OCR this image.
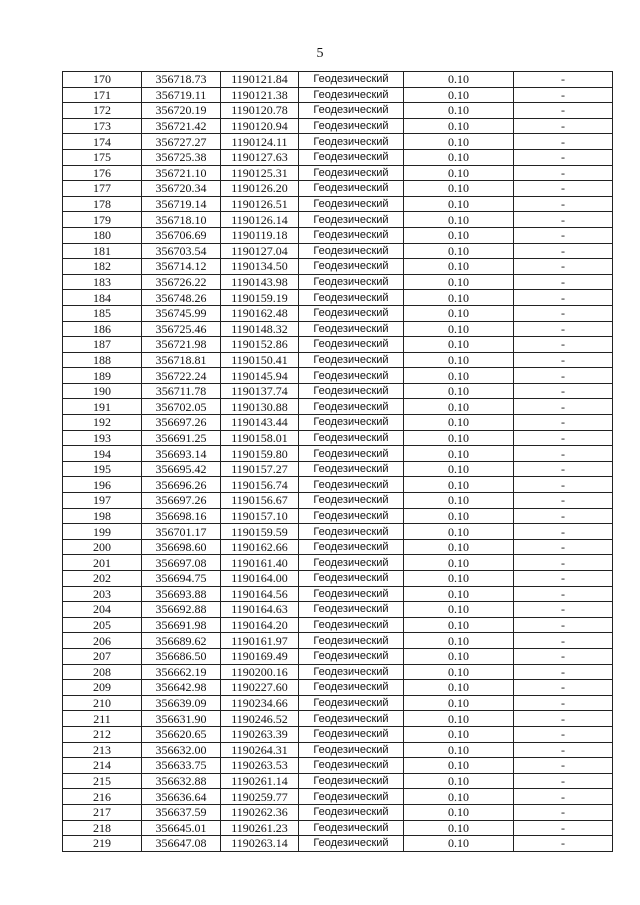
5
170	356718.73	1190121.84	Геодезический	0.10	-
171	356719.11	1190121.38	Геодезический	0.10	-
172	356720.19	1190120.78	Геодезический	0.10	-
173	356721.42	1190120.94	Геодезический	0.10	-
174	356727.27	1190124.11	Геодезический	0.10	-
175	356725.38	1190127.63	Геодезический	0.10	-
176	356721.10	1190125.31	Геодезический	0.10	-
177	356720.34	1190126.20	Геодезический	0.10	-
178	356719.14	1190126.51	Геодезический	0.10	-
179	356718.10	1190126.14	Геодезический	0.10	-
180	356706.69	1190119.18	Геодезический	0.10	-
181	356703.54	1190127.04	Геодезический	0.10	-
182	356714.12	1190134.50	Геодезический	0.10	-
183	356726.22	1190143.98	Геодезический	0.10	-
184	356748.26	1190159.19	Геодезический	0.10	-
185	356745.99	1190162.48	Геодезический	0.10	-
186	356725.46	1190148.32	Геодезический	0.10	-
187	356721.98	1190152.86	Геодезический	0.10	-
188	356718.81	1190150.41	Геодезический	0.10	-
189	356722.24	1190145.94	Геодезический	0.10	-
190	356711.78	1190137.74	Геодезический	0.10	-
191	356702.05	1190130.88	Геодезический	0.10	-
192	356697.26	1190143.44	Геодезический	0.10	-
193	356691.25	1190158.01	Геодезический	0.10	-
194	356693.14	1190159.80	Геодезический	0.10	-
195	356695.42	1190157.27	Геодезический	0.10	-
196	356696.26	1190156.74	Геодезический	0.10	-
197	356697.26	1190156.67	Геодезический	0.10	-
198	356698.16	1190157.10	Геодезический	0.10	-
199	356701.17	1190159.59	Геодезический	0.10	-
200	356698.60	1190162.66	Геодезический	0.10	-
201	356697.08	1190161.40	Геодезический	0.10	-
202	356694.75	1190164.00	Геодезический	0.10	-
203	356693.88	1190164.56	Геодезический	0.10	-
204	356692.88	1190164.63	Геодезический	0.10	-
205	356691.98	1190164.20	Геодезический	0.10	-
206	356689.62	1190161.97	Геодезический	0.10	-
207	356686.50	1190169.49	Геодезический	0.10	-
208	356662.19	1190200.16	Геодезический	0.10	-
209	356642.98	1190227.60	Геодезический	0.10	-
210	356639.09	1190234.66	Геодезический	0.10	-
211	356631.90	1190246.52	Геодезический	0.10	-
212	356620.65	1190263.39	Геодезический	0.10	-
213	356632.00	1190264.31	Геодезический	0.10	-
214	356633.75	1190263.53	Геодезический	0.10	-
215	356632.88	1190261.14	Геодезический	0.10	-
216	356636.64	1190259.77	Геодезический	0.10	-
217	356637.59	1190262.36	Геодезический	0.10	-
218	356645.01	1190261.23	Геодезический	0.10	-
219	356647.08	1190263.14	Геодезический	0.10	-
